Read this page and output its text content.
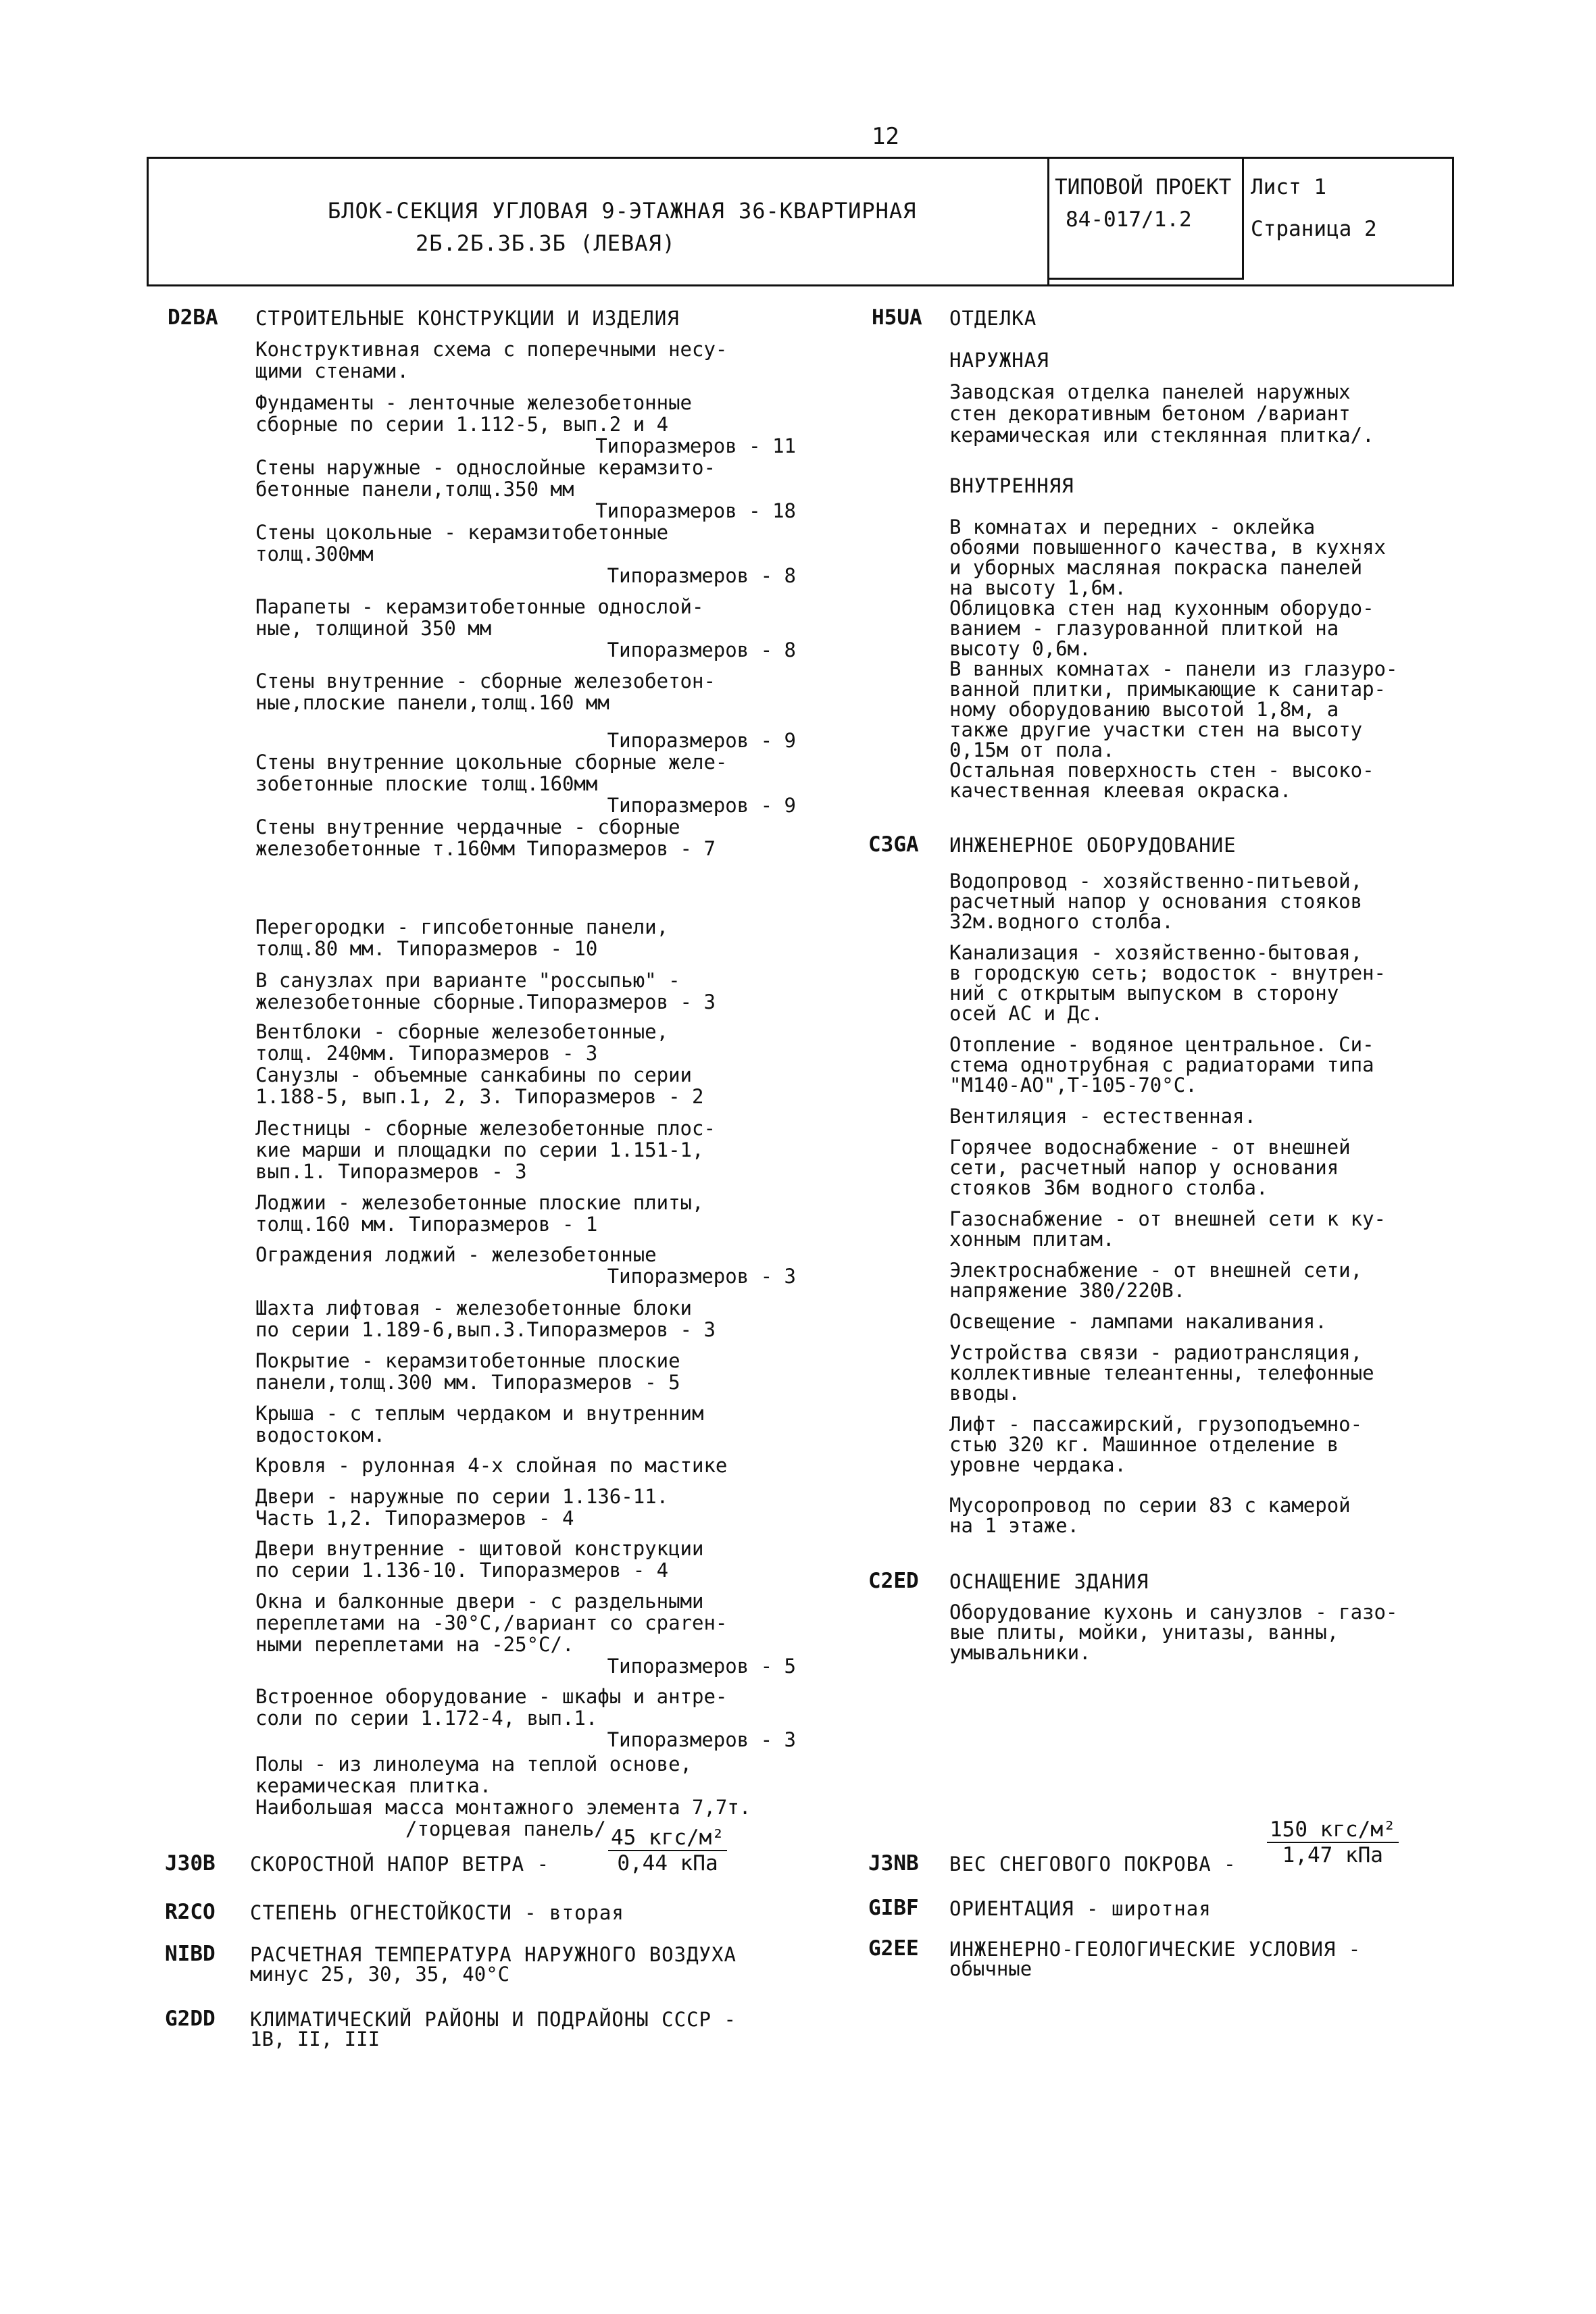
12
БЛОК-СЕКЦИЯ УГЛОВАЯ 9-ЭТАЖНАЯ 36-КВАРТИРНАЯ
2Б.2Б.3Б.3Б (ЛЕВАЯ)
ТИПОВОЙ ПРОЕКТ
84-017/1.2
Лист 1
Страница 2
D2BA СТРОИТЕЛЬНЫЕ КОНСТРУКЦИИ И ИЗДЕЛИЯ
Конструктивная схема с поперечными несу-
щими стенами.
Фундаменты - ленточные железобетонные
сборные по серии 1.112-5, вып.2 и 4
Типоразмеров - 11
Стены наружные - однослойные керамзито-
бетонные панели,толщ.350 мм
Типоразмеров - 18
Стены цокольные - керамзитобетонные
толщ.300мм
Типоразмеров - 8
Парапеты - керамзитобетонные однослой-
ные, толщиной 350 мм
Типоразмеров - 8
Стены внутренние - сборные железобетон-
ные,плоские панели,толщ.160 мм
Типоразмеров - 9
Стены внутренние цокольные сборные желе-
зобетонные плоские толщ.160мм
Типоразмеров - 9
Стены внутренние чердачные - сборные
железобетонные т.160мм Типоразмеров - 7
Перегородки - гипсобетонные панели,
толщ.80 мм. Типоразмеров - 10
В санузлах при варианте "россыпью" -
железобетонные сборные.Типоразмеров - 3
Вентблоки - сборные железобетонные,
толщ. 240мм. Типоразмеров - 3
Санузлы - объемные санкабины по серии
1.188-5, вып.1, 2, 3. Типоразмеров - 2
Лестницы - сборные железобетонные плос-
кие марши и площадки по серии 1.151-1,
вып.1. Типоразмеров - 3
Лоджии - железобетонные плоские плиты,
толщ.160 мм. Типоразмеров - 1
Ограждения лоджий - железобетонные
Типоразмеров - 3
Шахта лифтовая - железобетонные блоки
по серии 1.189-6,вып.3.Типоразмеров - 3
Покрытие - керамзитобетонные плоские
панели,толщ.300 мм. Типоразмеров - 5
Крыша - с теплым чердаком и внутренним
водостоком.
Кровля - рулонная 4-х слойная по мастике
Двери - наружные по серии 1.136-11.
Часть 1,2. Типоразмеров - 4
Двери внутренние - щитовой конструкции
по серии 1.136-10. Типоразмеров - 4
Окна и балконные двери - с раздельными
переплетами на -30°С,/вариант со сparен-
ными переплетами на -25°С/.
Типоразмеров - 5
Встроенное оборудование - шкафы и антре-
соли по серии 1.172-4, вып.1.
Типоразмеров - 3
Полы - из линолеума на теплой основе,
керамическая плитка.
Наибольшая масса монтажного элемента 7,7т.
/торцевая панель/
J30B СКОРОСТНОЙ НАПОР ВЕТРА -
45 кгс/м²
0,44 кПа
R2CO СТЕПЕНЬ ОГНЕСТОЙКОСТИ - вторая
NIBD РАСЧЕТНАЯ ТЕМПЕРАТУРА НАРУЖНОГО ВОЗДУХА
минус 25, 30, 35, 40°С
G2DD КЛИМАТИЧЕСКИЙ РАЙОНЫ И ПОДРАЙОНЫ СССР -
1В, II, III
H5UA ОТДЕЛКА
НАРУЖНАЯ
Заводская отделка панелей наружных
стен декоративным бетоном /вариант
керамическая или стеклянная плитка/.
ВНУТРЕННЯЯ
В комнатах и передних - оклейка
обоями повышенного качества, в кухнях
и уборных масляная покраска панелей
на высоту 1,6м.
Облицовка стен над кухонным оборудо-
ванием - глазурованной плиткой на
высоту 0,6м.
В ванных комнатах - панели из глазуро-
ванной плитки, примыкающие к санитар-
ному оборудованию высотой 1,8м, а
также другие участки стен на высоту
0,15м от пола.
Остальная поверхность стен - высоко-
качественная клеевая окраска.
C3GA ИНЖЕНЕРНОЕ ОБОРУДОВАНИЕ
Водопровод - хозяйственно-питьевой,
расчетный напор у основания стояков
32м.водного столба.
Канализация - хозяйственно-бытовая,
в городскую сеть; водосток - внутрен-
ний с открытым выпуском в сторону
осей АС и Дс.
Отопление - водяное центральное. Си-
стема однотрубная с радиаторами типа
"М140-АО",Т-105-70°С.
Вентиляция - естественная.
Горячее водоснабжение - от внешней
сети, расчетный напор у основания
стояков 36м водного столба.
Газоснабжение - от внешней сети к ку-
хонным плитам.
Электроснабжение - от внешней сети,
напряжение 380/220В.
Освещение - лампами накаливания.
Устройства связи - радиотрансляция,
коллективные телеантенны, телефонные
вводы.
Лифт - пассажирский, грузоподъемно-
стью 320 кг. Машинное отделение в
уровне чердака.
Мусоропровод по серии 83 с камерой
на 1 этаже.
C2ED ОСНАЩЕНИЕ ЗДАНИЯ
Оборудование кухонь и санузлов - газо-
вые плиты, мойки, унитазы, ванны,
умывальники.
J3NB ВЕС СНЕГОВОГО ПОКРОВА -
150 кгс/м²
1,47 кПа
GIBF ОРИЕНТАЦИЯ - широтная
G2EE ИНЖЕНЕРНО-ГЕОЛОГИЧЕСКИЕ УСЛОВИЯ -
обычные
